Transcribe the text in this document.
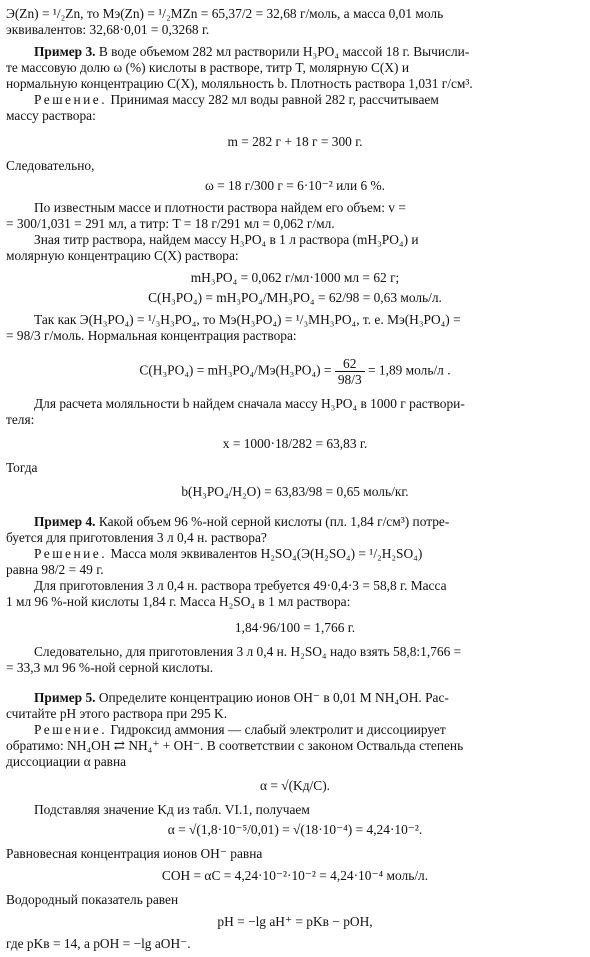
Э(Zn) = ¹/₂Zn, то Mэ(Zn) = ¹/₂MZn = 65,37/2 = 32,68 г/моль, а масса 0,01 моль
эквивалентов: 32,68·0,01 = 0,3268 г.
Пример 3. В воде объемом 282 мл растворили H₃PO₄ массой 18 г. Вычисли-
те массовую долю ω (%) кислоты в растворе, титр T, молярную C(X) и
нормальную концентрацию C(X), моляльность b. Плотность раствора 1,031 г/см³.
Решение. Принимая массу 282 мл воды равной 282 г, рассчитываем
массу раствора:
m = 282 г + 18 г = 300 г.
Следовательно,
ω = 18 г/300 г = 6·10⁻² или 6 %.
По известным массе и плотности раствора найдем его объем: v =
= 300/1,031 = 291 мл, а титр: T = 18 г/291 мл = 0,062 г/мл.
Зная титр раствора, найдем массу H₃PO₄ в 1 л раствора (mH₃PO₄) и
молярную концентрацию C(X) раствора:
mH₃PO₄ = 0,062 г/мл·1000 мл = 62 г;
C(H₃PO₄) = mH₃PO₄/MH₃PO₄ = 62/98 = 0,63 моль/л.
Так как Э(H₃PO₄) = ¹/₃H₃PO₄, то Mэ(H₃PO₄) = ¹/₃MH₃PO₄, т. е. Mэ(H₃PO₄) =
= 98/3 г/моль. Нормальная концентрация раствора:
Для расчета моляльности b найдем сначала массу H₃PO₄ в 1000 г раствори-
теля:
x = 1000·18/282 = 63,83 г.
Тогда
b(H₃PO₄/H₂O) = 63,83/98 = 0,65 моль/кг.
Пример 4. Какой объем 96 %-ной серной кислоты (пл. 1,84 г/см³) потре-
буется для приготовления 3 л 0,4 н. раствора?
Решение. Масса моля эквивалентов H₂SO₄(Э(H₂SO₄) = ¹/₂H₂SO₄)
равна 98/2 = 49 г.
Для приготовления 3 л 0,4 н. раствора требуется 49·0,4·3 = 58,8 г. Масса
1 мл 96 %-ной кислоты 1,84 г. Масса H₂SO₄ в 1 мл раствора:
1,84·96/100 = 1,766 г.
Следовательно, для приготовления 3 л 0,4 н. H₂SO₄ надо взять 58,8:1,766 =
= 33,3 мл 96 %-ной серной кислоты.
Пример 5. Определите концентрацию ионов OH⁻ в 0,01 M NH₄OH. Рас-
считайте pH этого раствора при 295 K.
Решение. Гидроксид аммония — слабый электролит и диссоциирует
обратимо: NH₄OH ⇄ NH₄⁺ + OH⁻. В соответствии с законом Оствальда степень
диссоциации α равна
α = √(Kд/C).
Подставляя значение Kд из табл. VI.1, получаем
α = √(1,8·10⁻⁵/0,01) = √(18·10⁻⁴) = 4,24·10⁻².
Равновесная концентрация ионов OH⁻ равна
COH = αC = 4,24·10⁻²·10⁻² = 4,24·10⁻⁴ моль/л.
Водородный показатель равен
pH = −lg aH⁺ = pKв − pOH,
где pKв = 14, а pOH = −lg aOH⁻.
$C(H_3PO_4) = mH_3PO_4/Mэ(H_3PO_4) = \frac{62}{98/3} = 1,89$ моль/л .
